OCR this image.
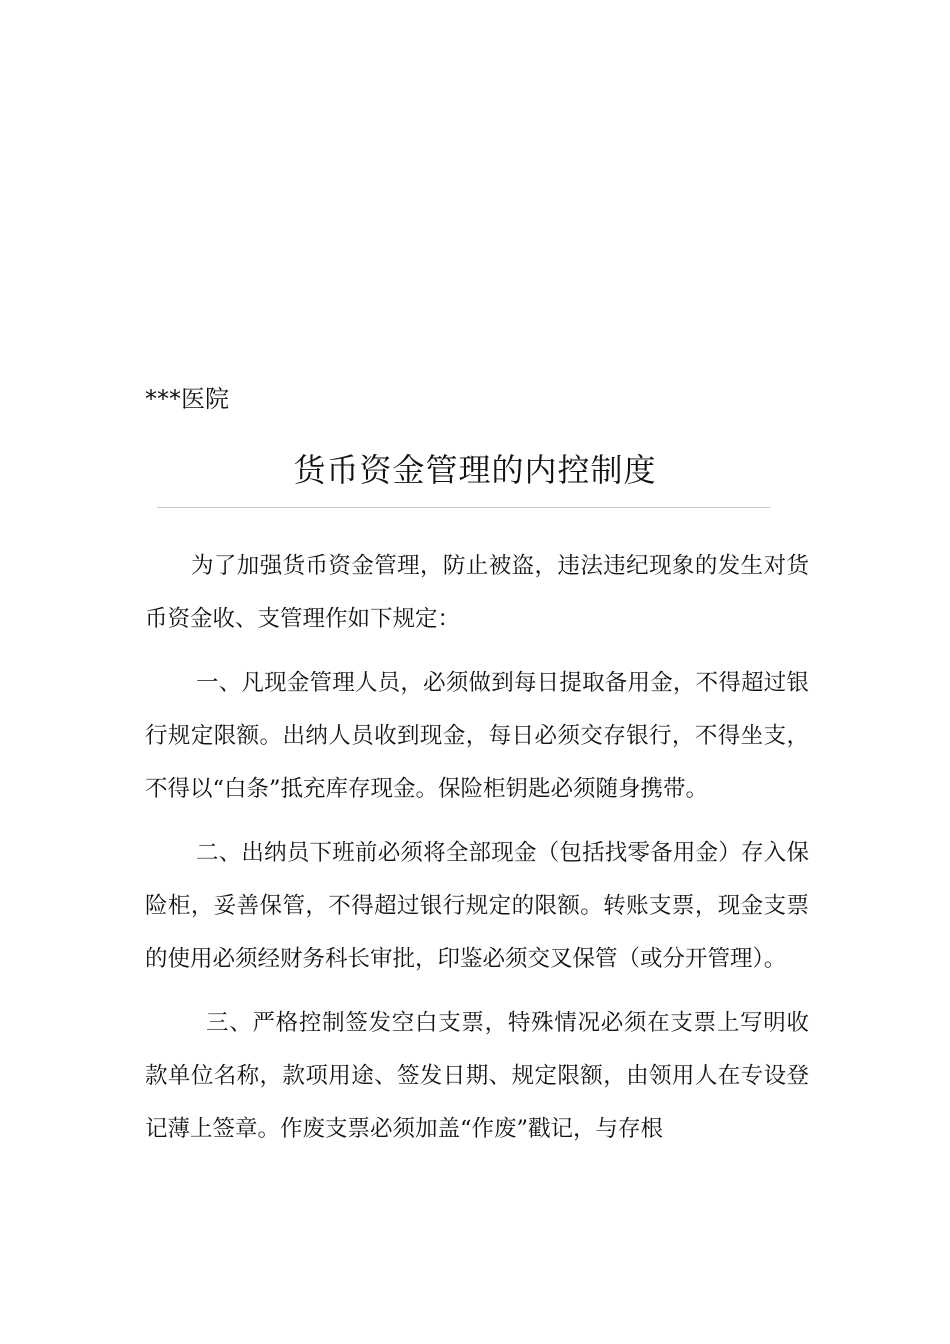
***医院
货币资金管理的内控制度

为了加强货币资金管理，防止被盗，违法违纪现象的发生对货币资金收、支管理作如下规定：

一、凡现金管理人员，必须做到每日提取备用金，不得超过银行规定限额。出纳人员收到现金，每日必须交存银行，不得坐支，不得以“白条”抵充库存现金。保险柜钥匙必须随身携带。

二、出纳员下班前必须将全部现金（包括找零备用金）存入保险柜，妥善保管，不得超过银行规定的限额。转账支票，现金支票的使用必须经财务科长审批，印鉴必须交叉保管（或分开管理）。

三、严格控制签发空白支票，特殊情况必须在支票上写明收款单位名称，款项用途、签发日期、规定限额，由领用人在专设登记薄上签章。作废支票必须加盖“作废”戳记，与存根
